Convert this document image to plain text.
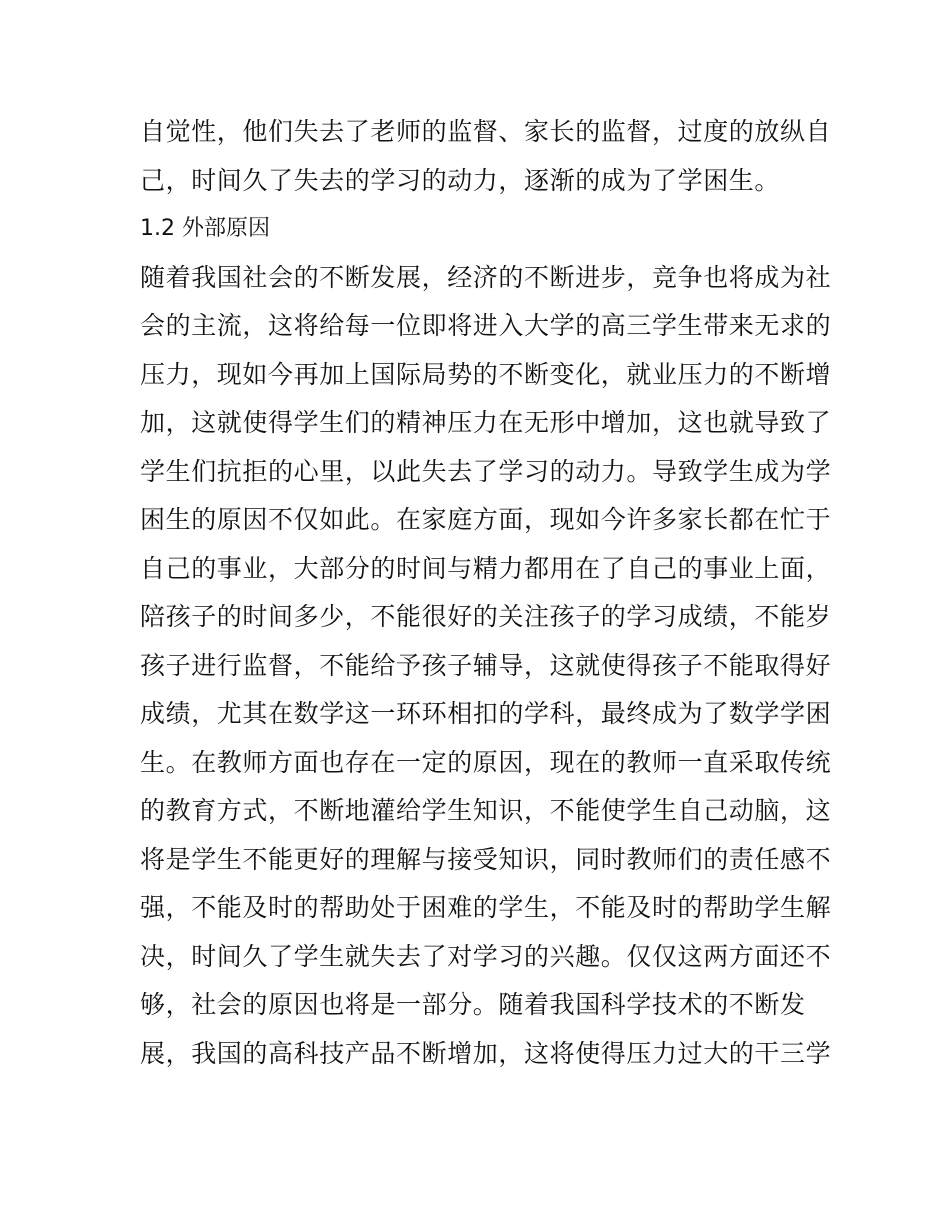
自觉性，他们失去了老师的监督、家长的监督，过度的放纵自
己，时间久了失去的学习的动力，逐渐的成为了学困生。
1.2 外部原因
随着我国社会的不断发展，经济的不断进步，竞争也将成为社
会的主流，这将给每一位即将进入大学的高三学生带来无求的
压力，现如今再加上国际局势的不断变化，就业压力的不断增
加，这就使得学生们的精神压力在无形中增加，这也就导致了
学生们抗拒的心里，以此失去了学习的动力。导致学生成为学
困生的原因不仅如此。在家庭方面，现如今许多家长都在忙于
自己的事业，大部分的时间与精力都用在了自己的事业上面，
陪孩子的时间多少，不能很好的关注孩子的学习成绩，不能岁
孩子进行监督，不能给予孩子辅导，这就使得孩子不能取得好
成绩，尤其在数学这一环环相扣的学科，最终成为了数学学困
生。在教师方面也存在一定的原因，现在的教师一直采取传统
的教育方式，不断地灌给学生知识，不能使学生自己动脑，这
将是学生不能更好的理解与接受知识，同时教师们的责任感不
强，不能及时的帮助处于困难的学生，不能及时的帮助学生解
决，时间久了学生就失去了对学习的兴趣。仅仅这两方面还不
够，社会的原因也将是一部分。随着我国科学技术的不断发
展，我国的高科技产品不断增加，这将使得压力过大的干三学
